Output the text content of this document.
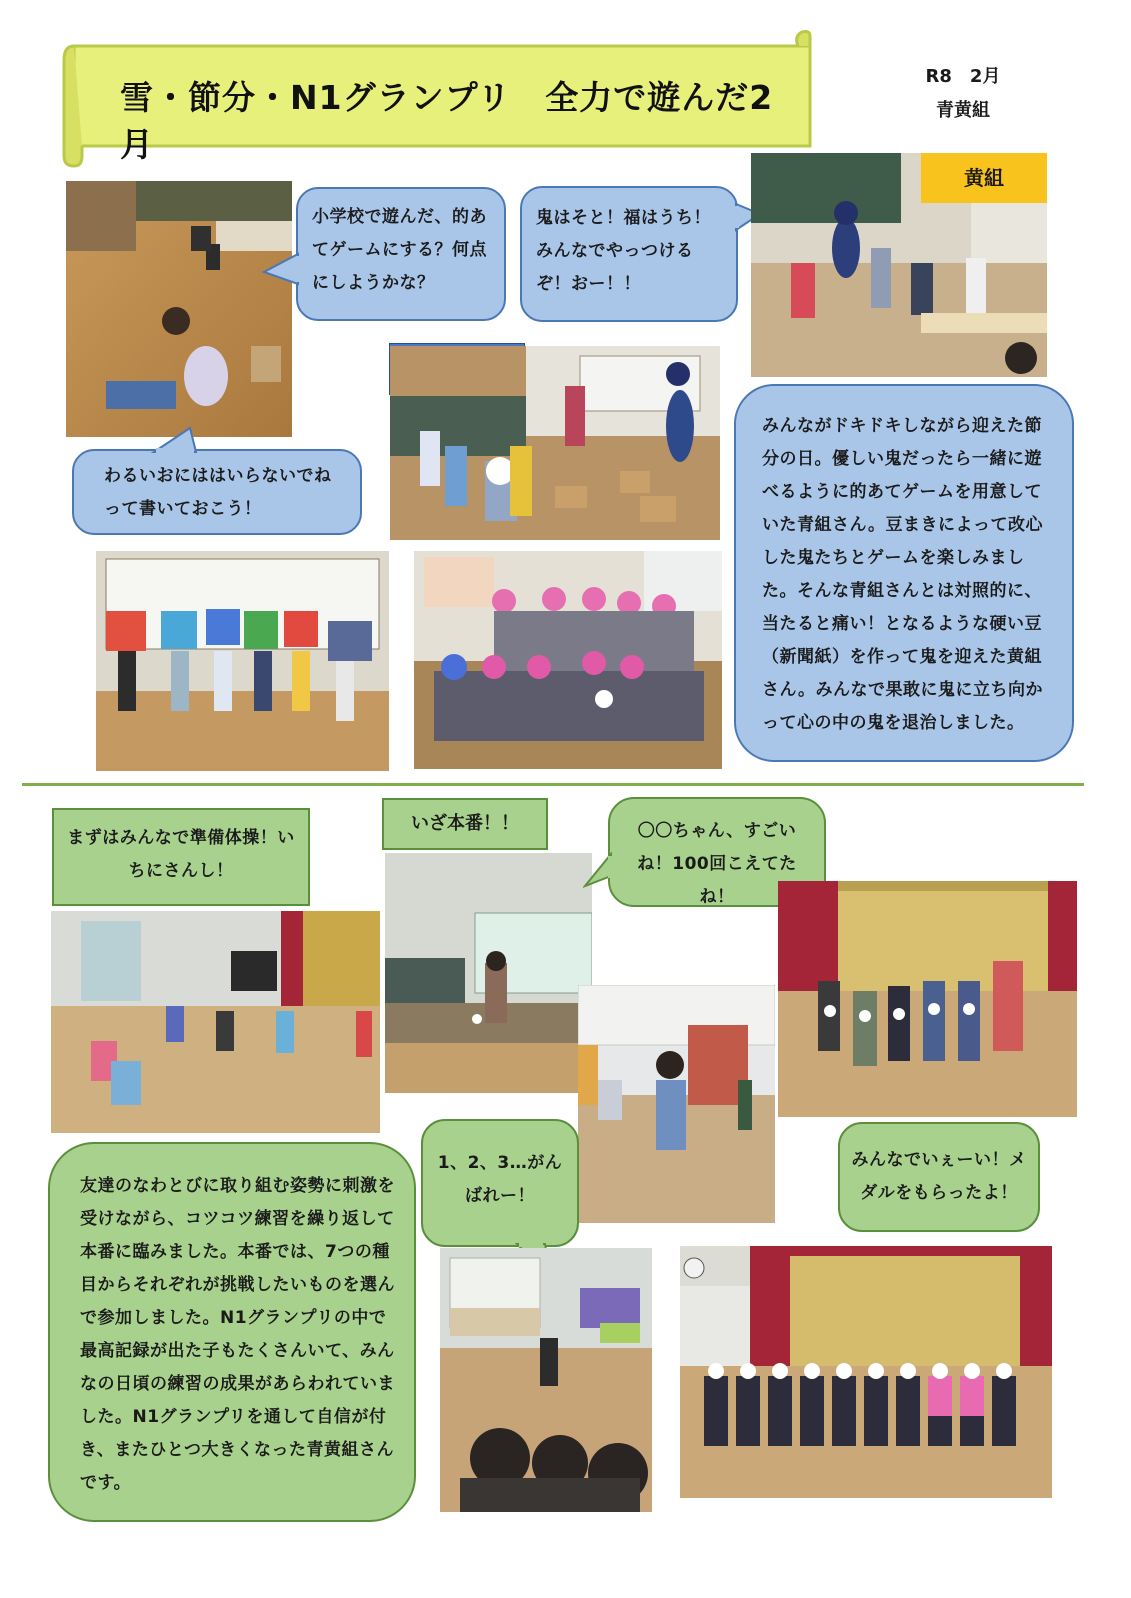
雪・節分・N1グランプリ　全力で遊んだ2月
R8　2月
青黄組
小学校で遊んだ、的あてゲームにする？何点にしようかな？
鬼はそと！福はうち！みんなでやっつけるぞ！おー！！
黄組
わるいおにははいらないでねって書いておこう！
みんながドキドキしながら迎えた節分の日。優しい鬼だったら一緒に遊べるように的あてゲームを用意していた青組さん。豆まきによって改心した鬼たちとゲームを楽しみました。そんな青組さんとは対照的に、当たると痛い！となるような硬い豆（新聞紙）を作って鬼を迎えた黄組さん。みんなで果敢に鬼に立ち向かって心の中の鬼を退治しました。
まずはみんなで準備体操！いちにさんし！
いざ本番！！	〇〇ちゃん、すごいね！100回こえてたね！
1、2、3…がんばれー！
みんなでいぇーい！メダルをもらったよ！
友達のなわとびに取り組む姿勢に刺激を受けながら、コツコツ練習を繰り返して本番に臨みました。本番では、7つの種目からそれぞれが挑戦したいものを選んで参加しました。N1グランプリの中で最高記録が出た子もたくさんいて、みんなの日頃の練習の成果があらわれていました。N1グランプリを通して自信が付き、またひとつ大きくなった青黄組さんです。
